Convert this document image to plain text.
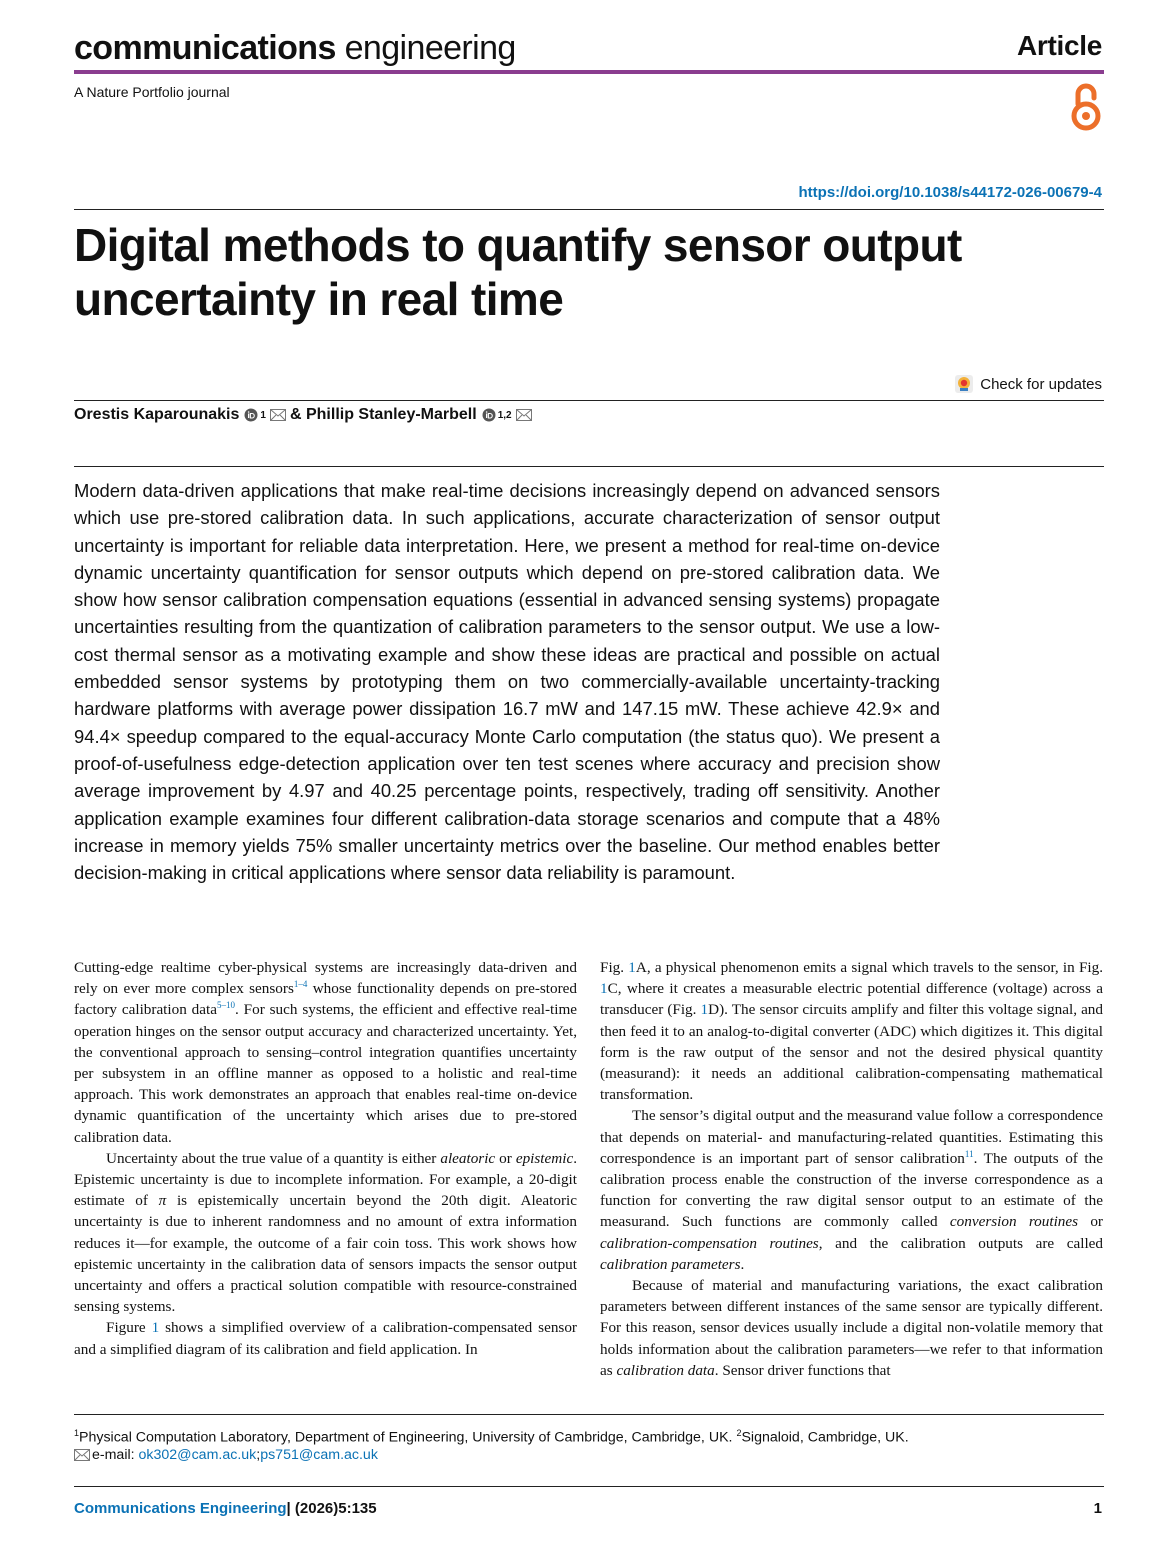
communications engineering	Article
A Nature Portfolio journal
https://doi.org/10.1038/s44172-026-00679-4
Digital methods to quantify sensor output
uncertainty in real time
Check for updates
Orestis Kaparounakis 1 &
Phillip Stanley-Marbell 1,2

Modern data-driven applications that make real-time decisions increasingly depend on advanced sensors which use pre-stored calibration data. In such applications, accurate characterization of sensor output uncertainty is important for reliable data interpretation. Here, we present a method for real-time on-device dynamic uncertainty quantification for sensor outputs which depend on pre-stored calibration data. We show how sensor calibration compensation equations (essential in advanced sensing systems) propagate uncertainties resulting from the quantization of calibration parameters to the sensor output. We use a low-cost thermal sensor as a motivating example and show these ideas are practical and possible on actual embedded sensor systems by prototyping them on two commercially-available uncertainty-tracking hardware platforms with average power dissipation 16.7 mW and 147.15 mW. These achieve 42.9× and 94.4× speedup compared to the equal-accuracy Monte Carlo computation (the status quo). We present a proof-of-usefulness edge-detection application over ten test scenes where accuracy and precision show average improvement by 4.97 and 40.25 percentage points, respectively, trading off sensitivity. Another application example examines four different calibration-data storage scenarios and compute that a 48% increase in memory yields 75% smaller uncertainty metrics over the baseline. Our method enables better decision-making in critical applications where sensor data reliability is paramount.

Cutting-edge realtime cyber-physical systems are increasingly data-driven and rely on ever more complex sensors$^{1-4}$ whose functionality depends on pre-stored factory calibration data$^{5-10}$. For such systems, the efficient and effective real-time operation hinges on the sensor output accuracy and characterized uncertainty. Yet, the conventional approach to sensing–control integration quantifies uncertainty per subsystem in an offline manner as opposed to a holistic and real-time approach. This work demonstrates an approach that enables real-time on-device dynamic quantification of the uncertainty which arises due to pre-stored calibration data.

Uncertainty about the true value of a quantity is either aleatoric or epistemic. Epistemic uncertainty is due to incomplete information. For example, a 20-digit estimate of π is epistemically uncertain beyond the 20th digit. Aleatoric uncertainty is due to inherent randomness and no amount of extra information reduces it—for example, the outcome of a fair coin toss. This work shows how epistemic uncertainty in the calibration data of sensors impacts the sensor output uncertainty and offers a practical solution compatible with resource-constrained sensing systems.

Figure 1 shows a simplified overview of a calibration-compensated sensor and a simplified diagram of its calibration and field application. In

Fig. 1A, a physical phenomenon emits a signal which travels to the sensor, in Fig. 1C, where it creates a measurable electric potential difference (voltage) across a transducer (Fig. 1D). The sensor circuits amplify and filter this voltage signal, and then feed it to an analog-to-digital converter (ADC) which digitizes it. This digital form is the raw output of the sensor and not the desired physical quantity (measurand): it needs an additional calibration-compensating mathematical transformation.

The sensor’s digital output and the measurand value follow a correspondence that depends on material- and manufacturing-related quantities. Estimating this correspondence is an important part of sensor calibration$^{11}$. The outputs of the calibration process enable the construction of the inverse correspondence as a function for converting the raw digital sensor output to an estimate of the measurand. Such functions are commonly called conversion routines or calibration-compensation routines, and the calibration outputs are called calibration parameters.

Because of material and manufacturing variations, the exact calibration parameters between different instances of the same sensor are typically different. For this reason, sensor devices usually include a digital non-volatile memory that holds information about the calibration parameters—we refer to that information as calibration data. Sensor driver functions that

$^1$Physical Computation Laboratory, Department of Engineering, University of Cambridge, Cambridge, UK. $^2$Signaloid, Cambridge, UK.
e-mail:
ok302@cam.ac.uk ; ps751@cam.ac.uk
Communications Engineering| (2026)5:135	1
